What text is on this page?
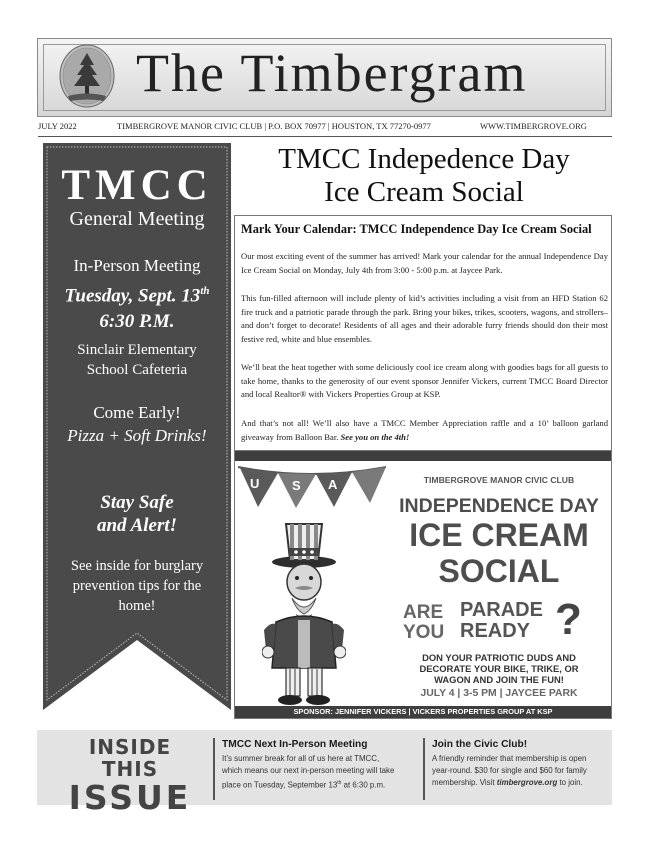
The Timbergram
JULY 2022	TIMBERGROVE MANOR CIVIC CLUB | P.O. BOX 70977 | HOUSTON, TX 77270-0977	WWW.TIMBERGROVE.ORG
TMCC
General Meeting
In-Person Meeting
Tuesday, Sept. 13th
6:30 P.M.
Sinclair Elementary
School Cafeteria
Come Early!
Pizza + Soft Drinks!
Stay Safe
and Alert!
See inside for burglary
prevention tips for the
home!
TMCC Indepedence Day
Ice Cream Social
Mark Your Calendar: TMCC Independence Day Ice Cream Social
Our most exciting event of the summer has arrived! Mark your calendar for the annual Independence Day Ice Cream Social on Monday, July 4th from 3:00 - 5:00 p.m. at Jaycee Park.
This fun-filled afternoon will include plenty of kid’s activities including a visit from an HFD Station 62 fire truck and a patriotic parade through the park. Bring your bikes, trikes, scooters, wagons, and strollers–and don’t forget to decorate! Residents of all ages and their adorable furry friends should don their most festive red, white and blue ensembles.
We’ll beat the heat together with some deliciously cool ice cream along with goodies bags for all guests to take home, thanks to the generosity of our event sponsor Jennifer Vickers, current TMCC Board Director and local Realtor® with Vickers Properties Group at KSP.
And that’s not all! We’ll also have a TMCC Member Appreciation raffle and a 10’ balloon garland giveaway from Balloon Bar. See you on the 4th!
U	S A	TIMBERGROVE MANOR CIVIC CLUB
INDEPENDENCE DAY
ICE CREAM
SOCIAL
ARE
YOU
PARADE
READY ?
DON YOUR PATRIOTIC DUDS AND
DECORATE YOUR BIKE, TRIKE, OR
WAGON AND JOIN THE FUN!
JULY 4 | 3-5 PM | JAYCEE PARK
SPONSOR: JENNIFER VICKERS | VICKERS PROPERTIES GROUP AT KSP
INSIDE THIS
ISSUE
TMCC Next In-Person Meeting
It’s summer break for all of us here at TMCC,
which means our next in-person meeting will take
place on Tuesday, September 13th at 6:30 p.m.
Join the Civic Club!
A friendly reminder that membership is open
year-round. $30 for single and $60 for family
membership. Visit timbergrove.org to join.
